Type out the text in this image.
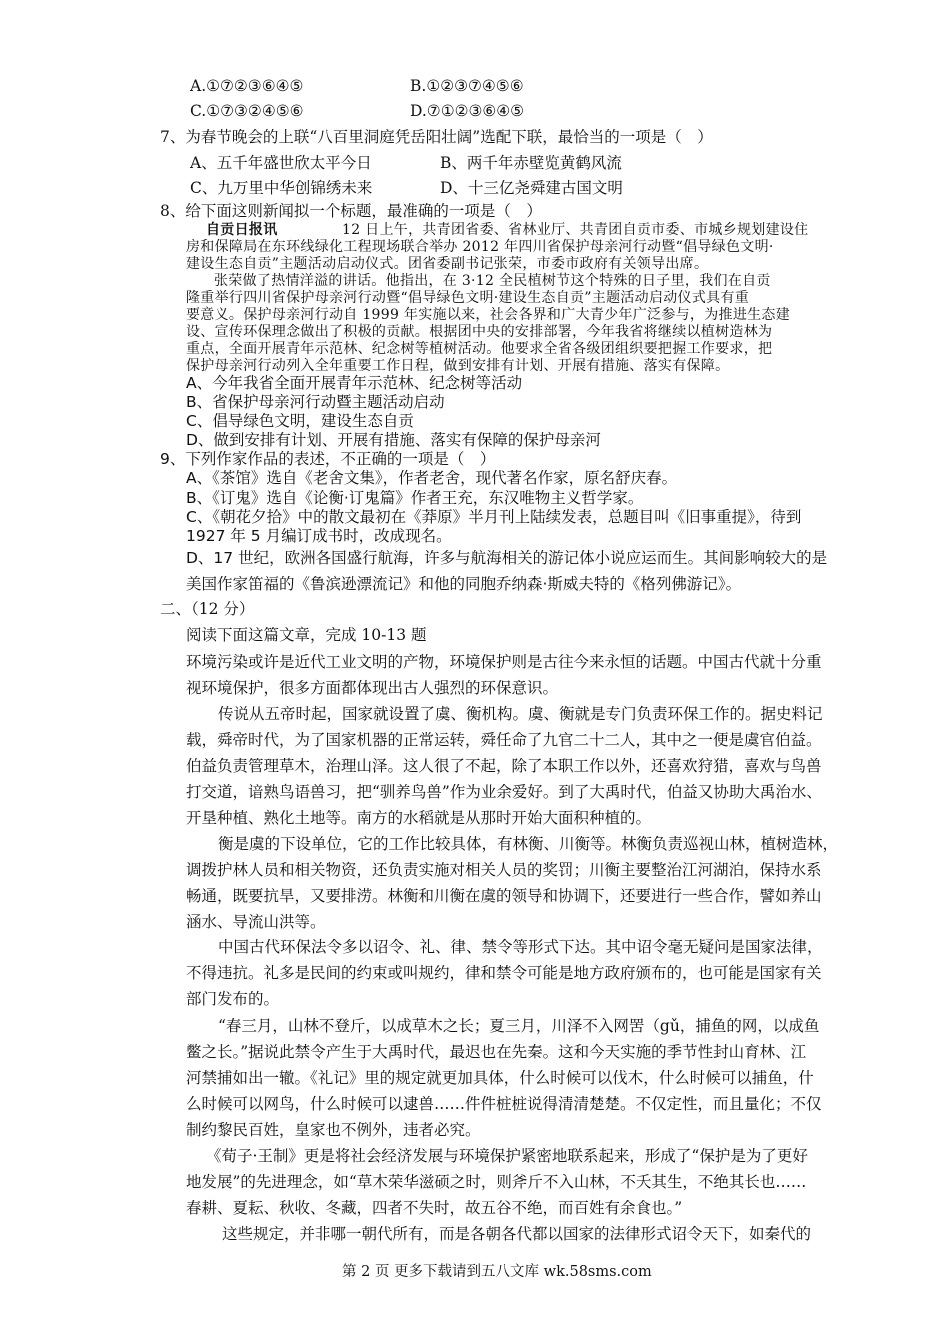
A.①⑦②③⑥④⑤	B.①②③⑦④⑤⑥
C.①⑦③②④⑤⑥	D.⑦①②③⑥④⑤
7、为春节晚会的上联“八百里洞庭凭岳阳壮阔”选配下联，最恰当的一项是（　）
A、五千年盛世欣太平今日	B、两千年赤壁览黄鹤风流
C、九万里中华创锦绣未来	D、十三亿尧舜建古国文明
8、给下面这则新闻拟一个标题，最准确的一项是（　）
自贡日报讯	12 日上午，共青团省委、省林业厅、共青团自贡市委、市城乡规划建设住
房和保障局在东环线绿化工程现场联合举办 2012 年四川省保护母亲河行动暨“倡导绿色文明·
建设生态自贡”主题活动启动仪式。团省委副书记张荣，市委市政府有关领导出席。
张荣做了热情洋溢的讲话。他指出，在 3·12 全民植树节这个特殊的日子里，我们在自贡
隆重举行四川省保护母亲河行动暨“倡导绿色文明·建设生态自贡”主题活动启动仪式具有重
要意义。保护母亲河行动自 1999 年实施以来，社会各界和广大青少年广泛参与，为推进生态建
设、宣传环保理念做出了积极的贡献。根据团中央的安排部署，今年我省将继续以植树造林为
重点，全面开展青年示范林、纪念树等植树活动。他要求全省各级团组织要把握工作要求，把
保护母亲河行动列入全年重要工作日程，做到安排有计划、开展有措施、落实有保障。
A、今年我省全面开展青年示范林、纪念树等活动
B、省保护母亲河行动暨主题活动启动
C、倡导绿色文明，建设生态自贡
D、做到安排有计划、开展有措施、落实有保障的保护母亲河
9、下列作家作品的表述，不正确的一项是（　）
A、《茶馆》选自《老舍文集》，作者老舍，现代著名作家，原名舒庆春。
B、《订鬼》选自《论衡·订鬼篇》作者王充，东汉唯物主义哲学家。
C、《朝花夕拾》中的散文最初在《莽原》半月刊上陆续发表，总题目叫《旧事重提》，待到
1927 年 5 月编订成书时，改成现名。
D、17 世纪，欧洲各国盛行航海，许多与航海相关的游记体小说应运而生。其间影响较大的是
美国作家笛福的《鲁滨逊漂流记》和他的同胞乔纳森·斯威夫特的《格列佛游记》。
二、（12 分）
阅读下面这篇文章，完成 10-13 题
环境污染或许是近代工业文明的产物，环境保护则是古往今来永恒的话题。中国古代就十分重
视环境保护，很多方面都体现出古人强烈的环保意识。
传说从五帝时起，国家就设置了虞、衡机构。虞、衡就是专门负责环保工作的。据史料记
载，舜帝时代，为了国家机器的正常运转，舜任命了九官二十二人，其中之一便是虞官伯益。
伯益负责管理草木，治理山泽。这人很了不起，除了本职工作以外，还喜欢狩猎，喜欢与鸟兽
打交道，谙熟鸟语兽习，把“驯养鸟兽”作为业余爱好。到了大禹时代，伯益又协助大禹治水、
开垦种植、熟化土地等。南方的水稻就是从那时开始大面积种植的。
衡是虞的下设单位，它的工作比较具体，有林衡、川衡等。林衡负责巡视山林，植树造林，
调拨护林人员和相关物资，还负责实施对相关人员的奖罚；川衡主要整治江河湖泊，保持水系
畅通，既要抗旱，又要排涝。林衡和川衡在虞的领导和协调下，还要进行一些合作，譬如养山
涵水、导流山洪等。
中国古代环保法令多以诏令、礼、律、禁令等形式下达。其中诏令毫无疑问是国家法律，
不得违抗。礼多是民间的约束或叫规约，律和禁令可能是地方政府颁布的，也可能是国家有关
部门发布的。
“春三月，山林不登斤，以成草木之长；夏三月，川泽不入网罟（gǔ，捕鱼的网，以成鱼
鳖之长。”据说此禁令产生于大禹时代，最迟也在先秦。这和今天实施的季节性封山育林、江
河禁捕如出一辙。《礼记》里的规定就更加具体，什么时候可以伐木，什么时候可以捕鱼，什
么时候可以网鸟，什么时候可以逮兽……件件桩桩说得清清楚楚。不仅定性，而且量化；不仅
制约黎民百姓，皇家也不例外，违者必究。
《荀子·王制》更是将社会经济发展与环境保护紧密地联系起来，形成了“保护是为了更好
地发展”的先进理念，如“草木荣华滋硕之时，则斧斤不入山林，不夭其生，不绝其长也……
春耕、夏耘、秋收、冬藏，四者不失时，故五谷不绝，而百姓有余食也。”
这些规定，并非哪一朝代所有，而是各朝各代都以国家的法律形式诏令天下，如秦代的
第 2 页 更多下载请到五八文库 wk.58sms.com
